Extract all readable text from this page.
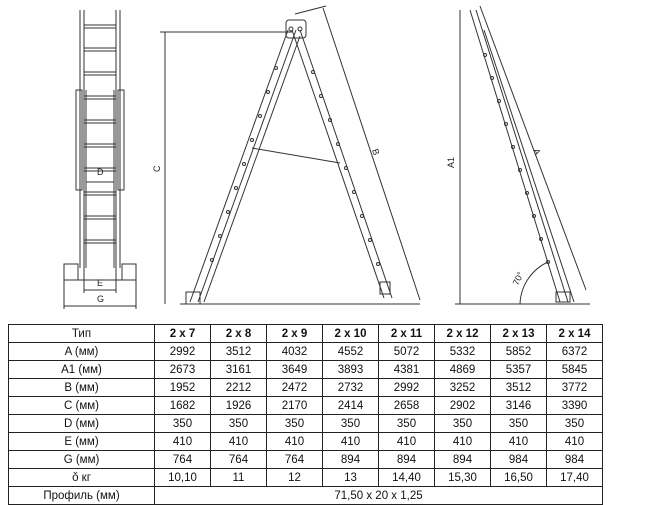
D
E
G
C
B
A1
A
70°
Тип	2 x 7	2 x 8	2 x 9	2 x 10	2 x 11	2 x 12	2 x 13	2 x 14
A (мм)	2992	3512	4032	4552	5072	5332	5852	6372
A1 (мм)	2673	3161	3649	3893	4381	4869	5357	5845
B (мм)	1952	2212	2472	2732	2992	3252	3512	3772
C (мм)	1682	1926	2170	2414	2658	2902	3146	3390
D (мм)	350	350	350	350	350	350	350	350
E (мм)	410	410	410	410	410	410	410	410
G (мм)	764	764	764	894	894	894	984	984
ǒ кг	10,10	11	12	13	14,40	15,30	16,50	17,40
Профиль (мм)	71,50 x 20 x 1,25							
